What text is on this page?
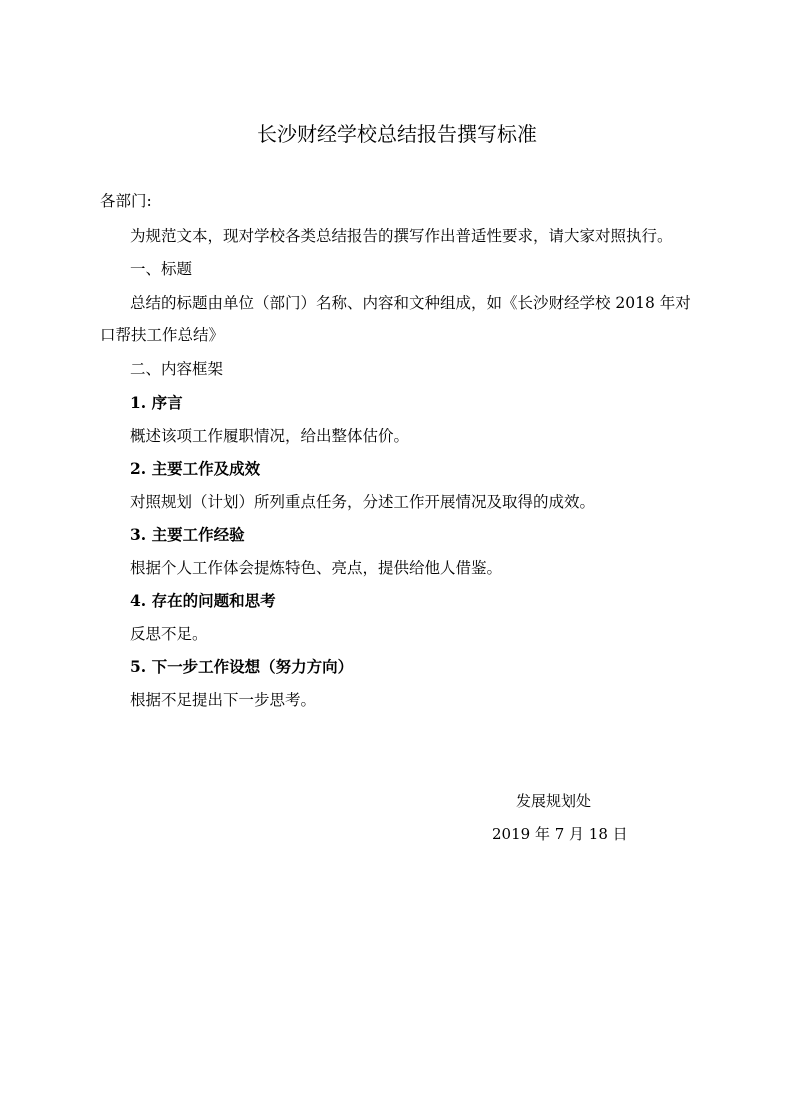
长沙财经学校总结报告撰写标准
各部门:
为规范文本，现对学校各类总结报告的撰写作出普适性要求，请大家对照执行。
一、标题
总结的标题由单位（部门）名称、内容和文种组成，如《长沙财经学校 2018 年对
口帮扶工作总结》
二、内容框架
1. 序言
概述该项工作履职情况，给出整体估价。
2. 主要工作及成效
对照规划（计划）所列重点任务，分述工作开展情况及取得的成效。
3. 主要工作经验
根据个人工作体会提炼特色、亮点，提供给他人借鉴。
4. 存在的问题和思考
反思不足。
5. 下一步工作设想（努力方向）
根据不足提出下一步思考。
发展规划处
2019 年 7 月 18 日
